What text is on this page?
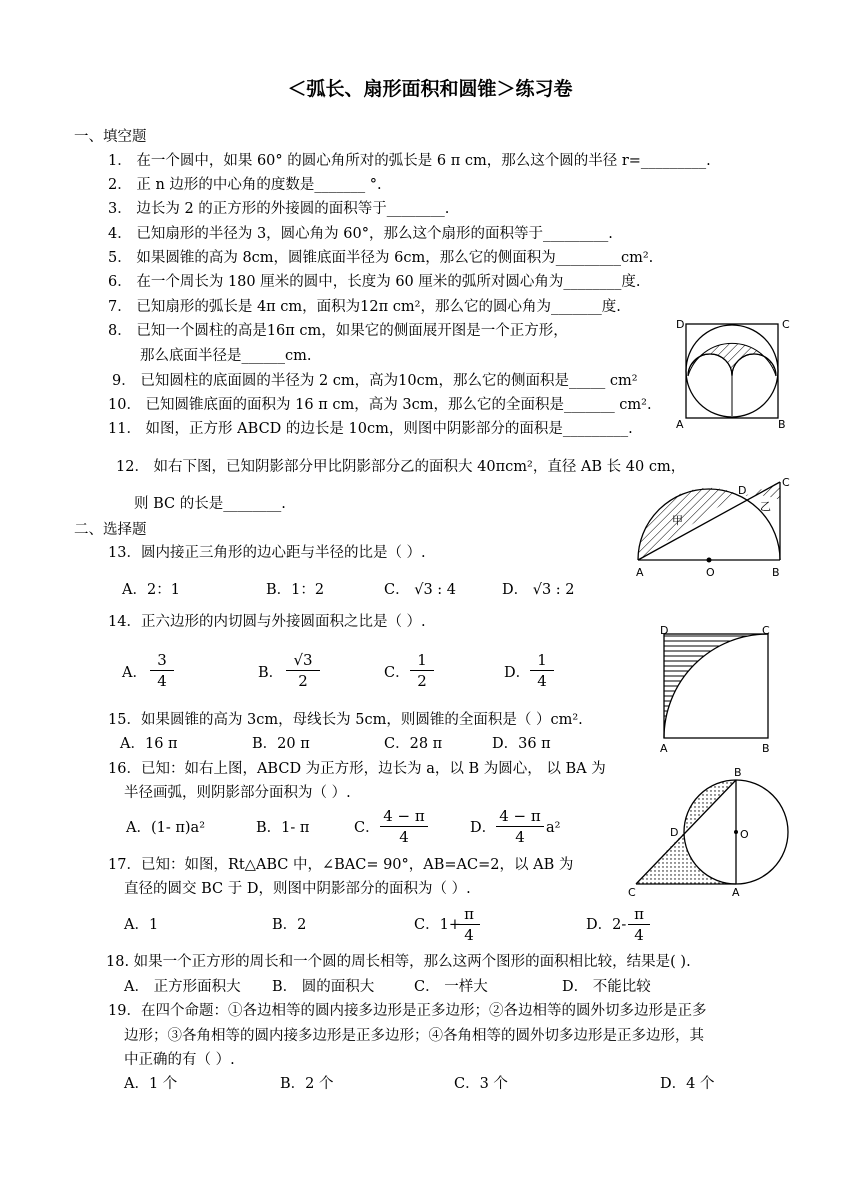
＜弧长、扇形面积和圆锥＞练习卷
一、填空题
1． 在一个圆中，如果 60° 的圆心角所对的弧长是 6 π cm，那么这个圆的半径 r=_________.
2． 正 n 边形的中心角的度数是_______ °.
3． 边长为 2 的正方形的外接圆的面积等于________.
4． 已知扇形的半径为 3，圆心角为 60°，那么这个扇形的面积等于_________.
5． 如果圆锥的高为 8cm，圆锥底面半径为 6cm，那么它的侧面积为_________cm².
6． 在一个周长为 180 厘米的圆中，长度为 60 厘米的弧所对圆心角为________度.
7． 已知扇形的弧长是 4π cm，面积为12π cm²，那么它的圆心角为_______度.
8． 已知一个圆柱的高是16π cm，如果它的侧面展开图是一个正方形，
那么底面半径是______cm.
9． 已知圆柱的底面圆的半径为 2 cm，高为10cm，那么它的侧面积是_____ cm²
10． 已知圆锥底面的面积为 16 π cm，高为 3cm，那么它的全面积是_______ cm².
11． 如图，正方形 ABCD 的边长是 10cm，则图中阴影部分的面积是_________.
12． 如右下图，已知阴影部分甲比阴影部分乙的面积大 40πcm²，直径 AB 长 40 cm，
则 BC 的长是________.
二、选择题
13．圆内接正三角形的边心距与半径的比是（ ）.
A．2：1	B．1：2	C． √3 : 4	D． √3 : 2
14．正六边形的内切圆与外接圆面积之比是（ ）.
A． $\frac{3}{4}$	B． $\frac{√3}{2}$	C． $\frac{1}{2}$	D． $\frac{1}{4}$
15．如果圆锥的高为 3cm，母线长为 5cm，则圆锥的全面积是（ ）cm².
A．16 π	B．20 π	C．28 π	D．36 π
16．已知：如右上图，ABCD 为正方形，边长为 a，以 B 为圆心， 以 BA 为
半径画弧，则阴影部分面积为（ ）.
A．(1- π)a²	B．1- π	C． $\frac{4 - \pi}{4}$	D． $\frac{4 - \pi}{4} a^2$
17．已知：如图，Rt△ABC 中，∠BAC= 90°，AB=AC=2，以 AB 为
直径的圆交 BC 于 D，则图中阴影部分的面积为（ ）.
A．1	B．2	C．1+
$\frac{\pi}{4}$	D．$2- \frac{\pi}{4}$
18. 如果一个正方形的周长和一个圆的周长相等，那么这两个图形的面积相比较，结果是( ).
A． 正方形面积大 B． 圆的面积大	C． 一样大	D． 不能比较
19．在四个命题：①各边相等的圆内接多边形是正多边形；②各边相等的圆外切多边形是正多
边形；③各角相等的圆内接多边形是正多边形；④各角相等的圆外切多边形是正多边形，其
中正确的有（ ）.
A．1 个	B．2 个	C．3 个	D．4 个
D	C
A	B
C
D
乙
甲
A	O	B
D	C
A	B
B
D	O
C	A
